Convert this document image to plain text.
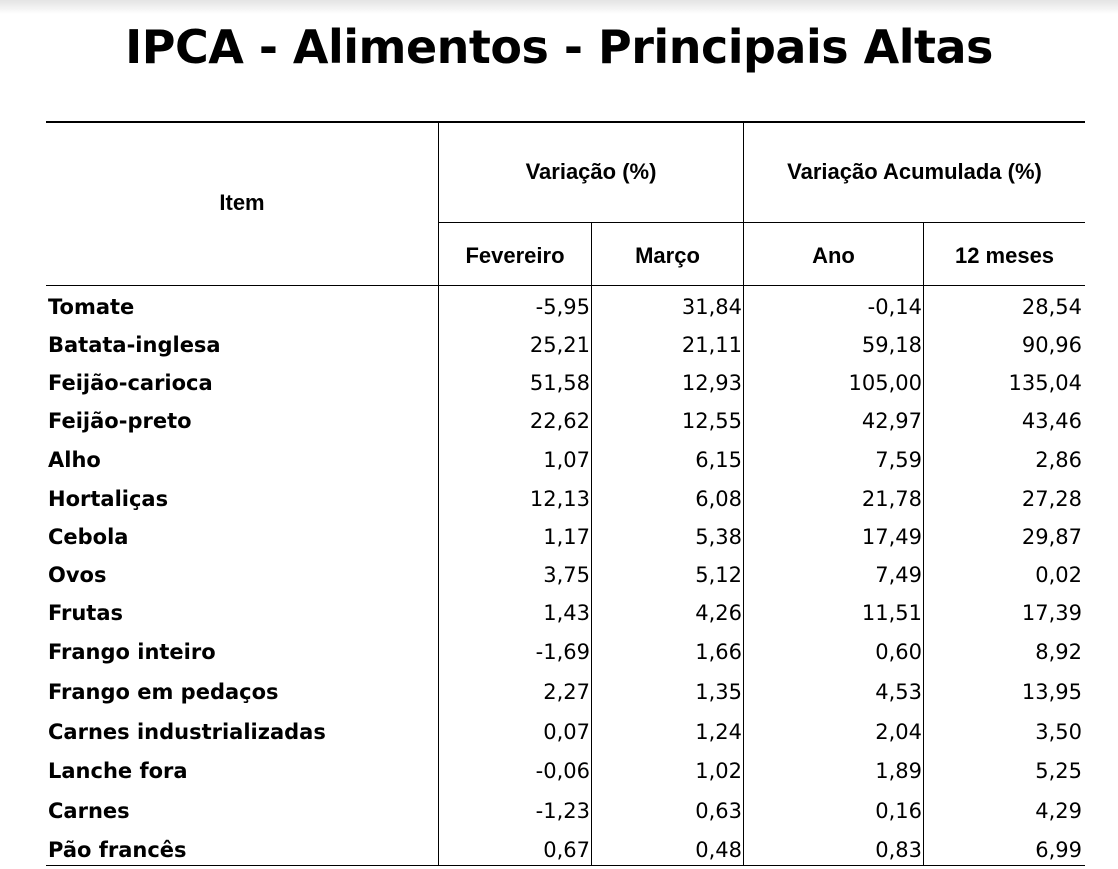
IPCA - Alimentos - Principais Altas
Item
Variação (%)	Variação Acumulada (%)
Fevereiro	Março	Ano	12 meses
Tomate	-5,95	31,84	-0,14	28,54
Batata-inglesa	25,21	21,11	59,18	90,96
Feijão-carioca	51,58	12,93	105,00	135,04
Feijão-preto	22,62	12,55	42,97	43,46
Alho	1,07	6,15	7,59	2,86
Hortaliças	12,13	6,08	21,78	27,28
Cebola	1,17	5,38	17,49	29,87
Ovos	3,75	5,12	7,49	0,02
Frutas	1,43	4,26	11,51	17,39
Frango inteiro	-1,69	1,66	0,60	8,92
Frango em pedaços	2,27	1,35	4,53	13,95
Carnes industrializadas	0,07	1,24	2,04	3,50
Lanche fora	-0,06	1,02	1,89	5,25
Carnes	-1,23	0,63	0,16	4,29
Pão francês	0,67	0,48	0,83	6,99
